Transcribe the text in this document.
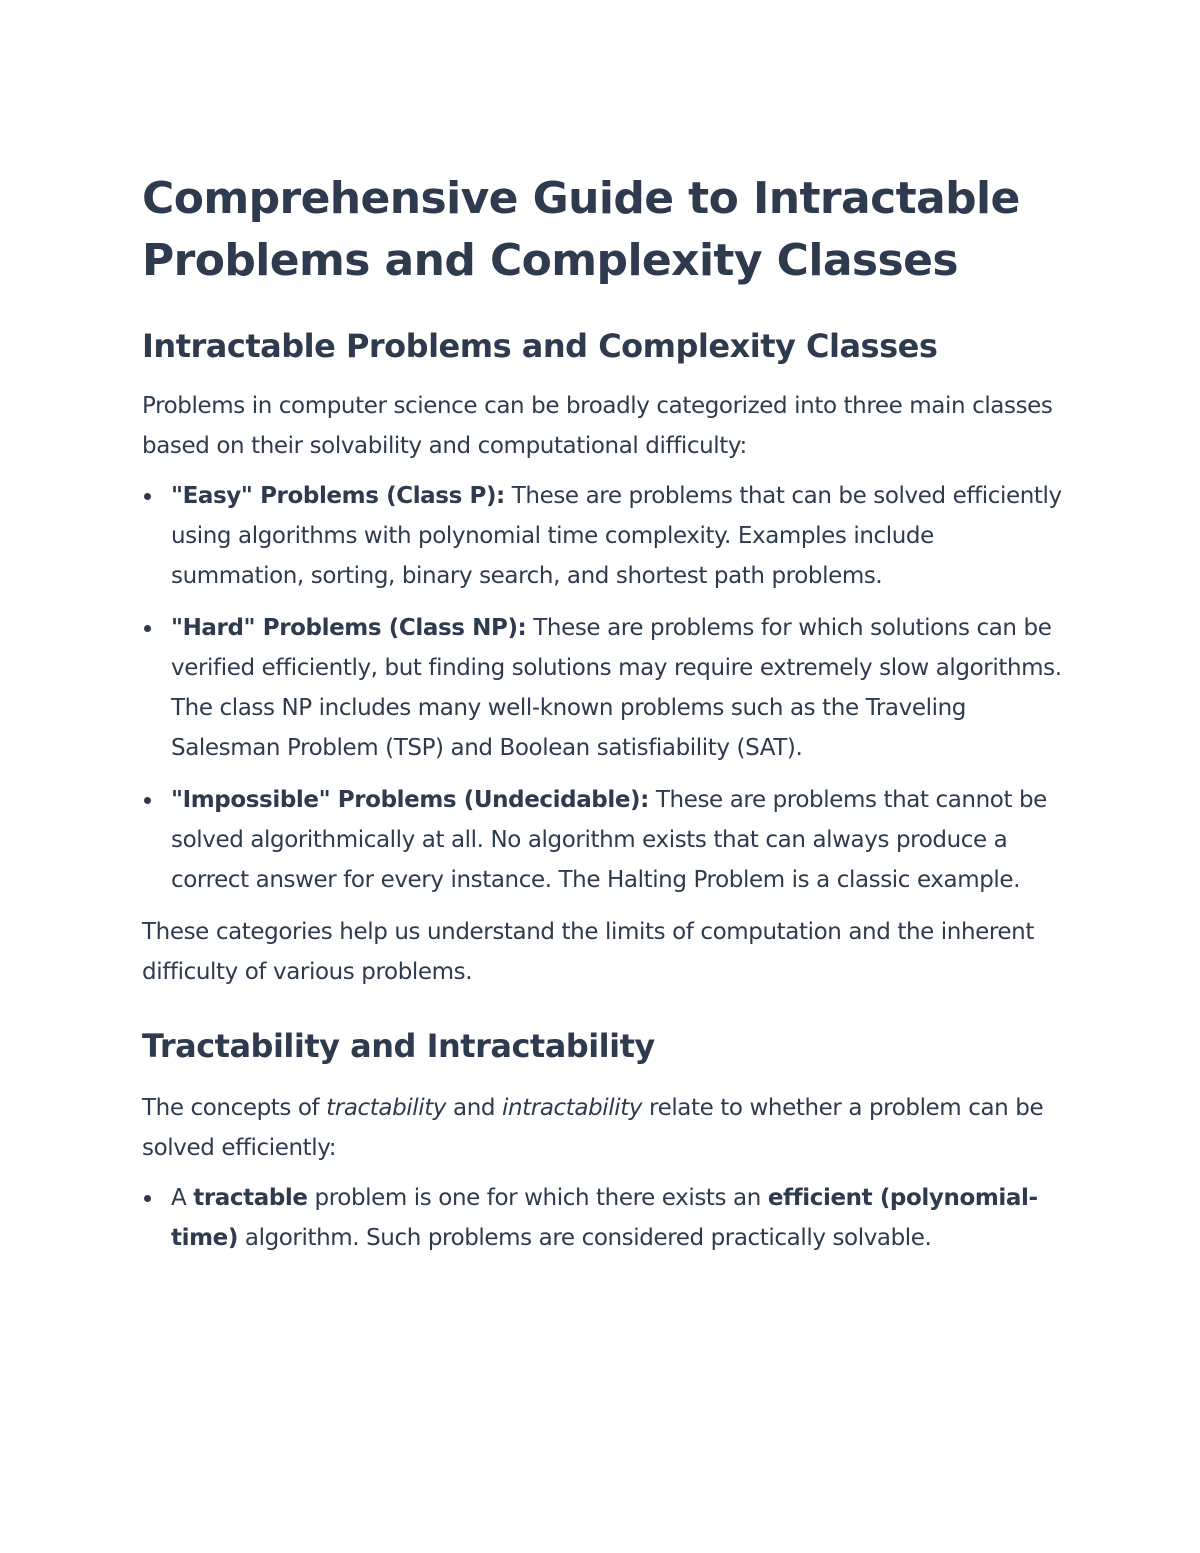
Comprehensive Guide to Intractable Problems and Complexity Classes
Intractable Problems and Complexity Classes

Problems in computer science can be broadly categorized into three main classes based on their solvability and computational difficulty:

"Easy" Problems (Class P): These are problems that can be solved efficiently using algorithms with polynomial time complexity. Examples include summation, sorting, binary search, and shortest path problems.
"Hard" Problems (Class NP): These are problems for which solutions can be verified efficiently, but finding solutions may require extremely slow algorithms. The class NP includes many well-known problems such as the Traveling Salesman Problem (TSP) and Boolean satisfiability (SAT).
"Impossible" Problems (Undecidable): These are problems that cannot be solved algorithmically at all. No algorithm exists that can always produce a correct answer for every instance. The Halting Problem is a classic example.

These categories help us understand the limits of computation and the inherent difficulty of various problems.

Tractability and Intractability

The concepts of tractability and intractability relate to whether a problem can be solved efficiently:

A tractable problem is one for which there exists an efficient (polynomial-time) algorithm. Such problems are considered practically solvable.
